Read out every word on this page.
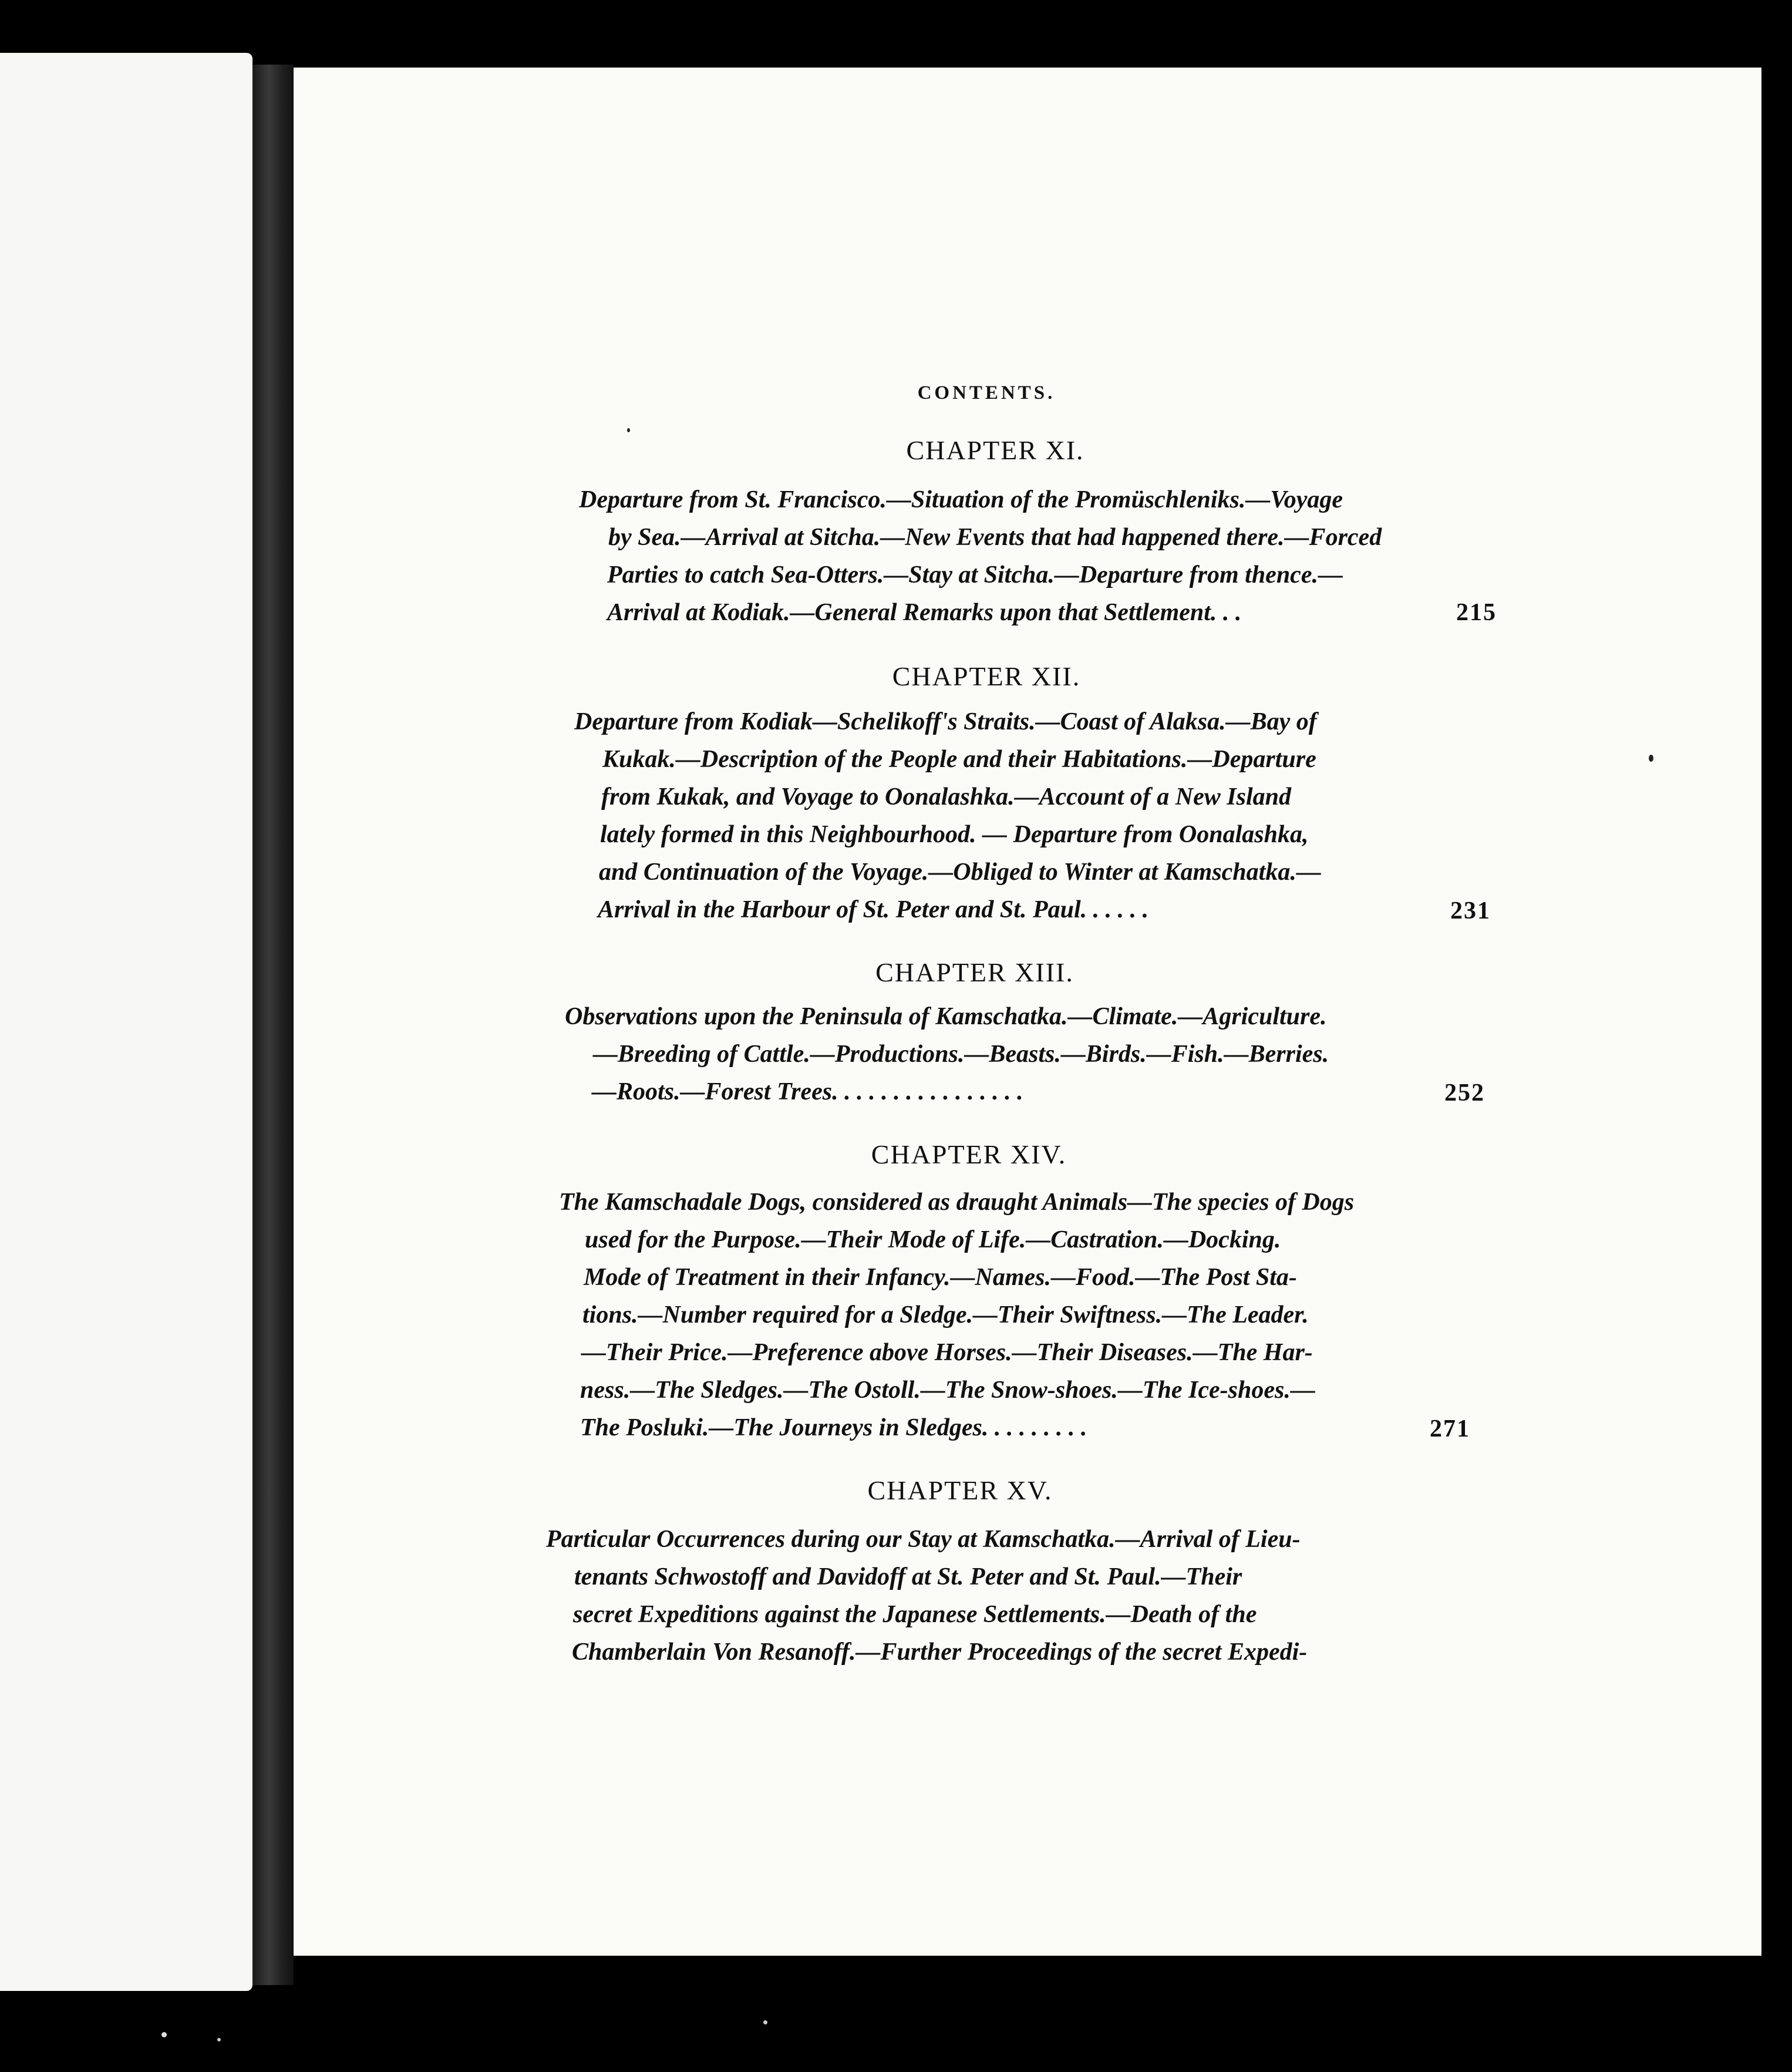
CONTENTS.
CHAPTER XI.
Departure from St. Francisco.—Situation of the Promüschleniks.—Voyage
by Sea.—Arrival at Sitcha.—New Events that had happened there.—Forced
Parties to catch Sea-Otters.—Stay at Sitcha.—Departure from thence.—
Arrival at Kodiak.—General Remarks upon that Settlement. . .	215
CHAPTER XII.
Departure from Kodiak—Schelikoff's Straits.—Coast of Alaksa.—Bay of
Kukak.—Description of the People and their Habitations.—Departure
from Kukak, and Voyage to Oonalashka.—Account of a New Island
lately formed in this Neighbourhood. — Departure from Oonalashka,
and Continuation of the Voyage.—Obliged to Winter at Kamschatka.—
Arrival in the Harbour of St. Peter and St. Paul. . . . . .	231
CHAPTER XIII.
Observations upon the Peninsula of Kamschatka.—Climate.—Agriculture.
—Breeding of Cattle.—Productions.—Beasts.—Birds.—Fish.—Berries.
—Roots.—Forest Trees. . . . . . . . . . . . . . . .	252
CHAPTER XIV.
The Kamschadale Dogs, considered as draught Animals—The species of Dogs
used for the Purpose.—Their Mode of Life.—Castration.—Docking.
Mode of Treatment in their Infancy.—Names.—Food.—The Post Sta-
tions.—Number required for a Sledge.—Their Swiftness.—The Leader.
—Their Price.—Preference above Horses.—Their Diseases.—The Har-
ness.—The Sledges.—The Ostoll.—The Snow-shoes.—The Ice-shoes.—
The Posluki.—The Journeys in Sledges. . . . . . . . .	271
CHAPTER XV.
Particular Occurrences during our Stay at Kamschatka.—Arrival of Lieu-
tenants Schwostoff and Davidoff at St. Peter and St. Paul.—Their
secret Expeditions against the Japanese Settlements.—Death of the
Chamberlain Von Resanoff.—Further Proceedings of the secret Expedi-
